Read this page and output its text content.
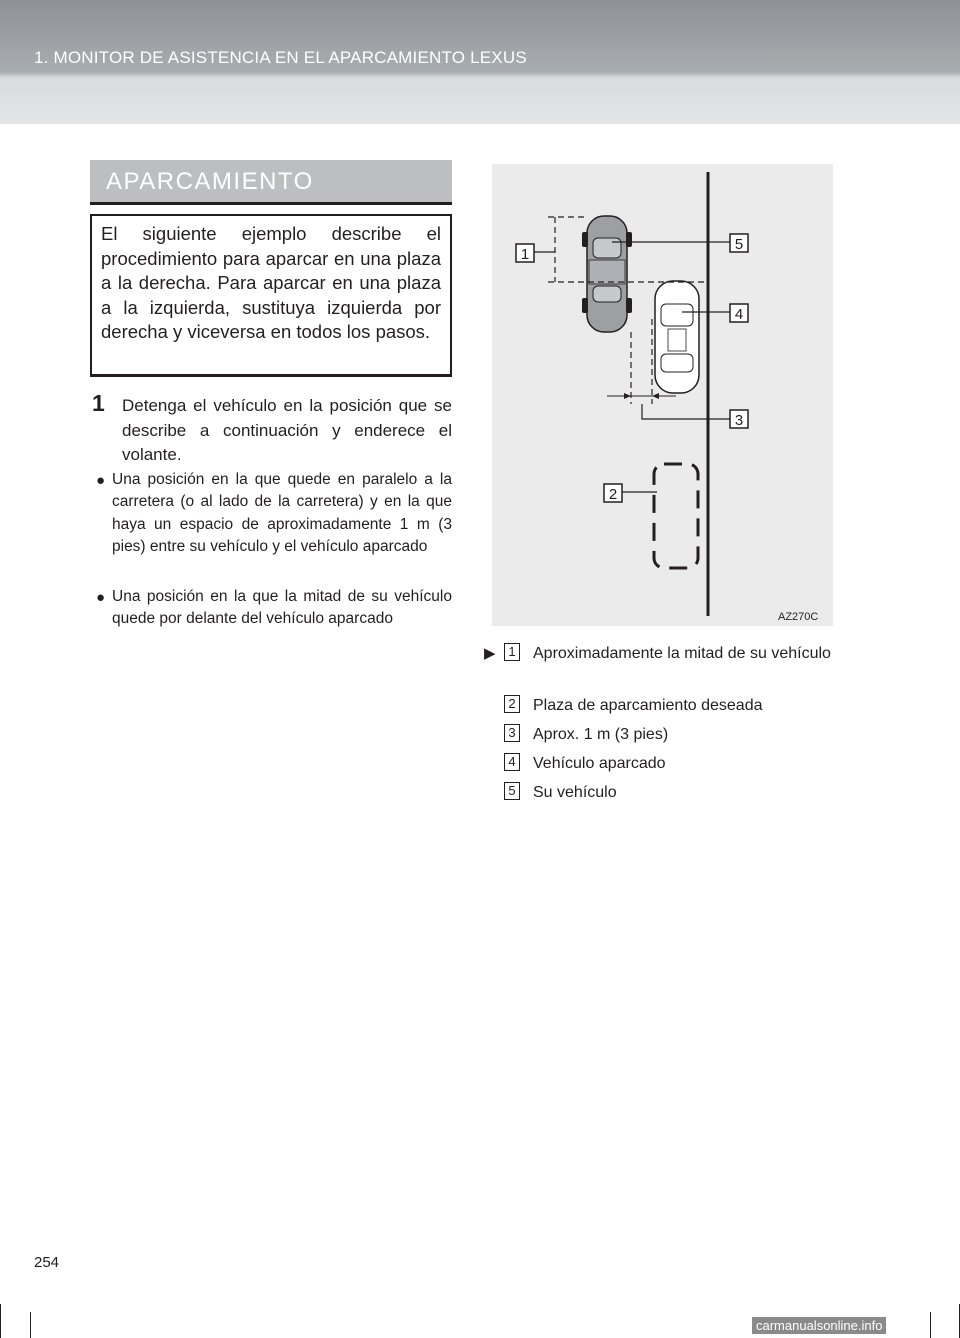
1. MONITOR DE ASISTENCIA EN EL APARCAMIENTO LEXUS
APARCAMIENTO
El siguiente ejemplo describe el procedimiento para aparcar en una plaza a la derecha. Para aparcar en una plaza a la izquierda, sustituya izquierda por derecha y viceversa en todos los pasos.
1 Detenga el vehículo en la posición que se describe a continuación y enderece el volante.
● Una posición en la que quede en paralelo a la carretera (o al lado de la carretera) y en la que haya un espacio de aproximadamente 1 m (3 pies) entre su vehículo y el vehículo aparcado
● Una posición en la que la mitad de su vehículo quede por delante del vehículo aparcado
1
5
4
3
2
AZ270C
▶ 1 Aproximadamente la mitad de su vehículo
2 Plaza de aparcamiento deseada
3 Aprox. 1 m (3 pies)
4 Vehículo aparcado
5 Su vehículo
254
carmanualsonline.info
